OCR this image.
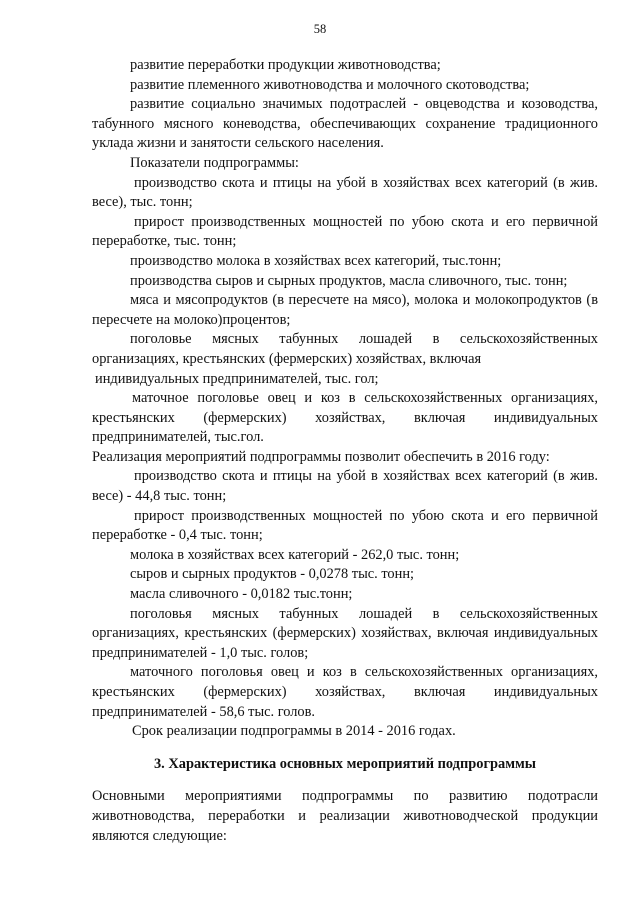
58

развитие переработки продукции животноводства;

развитие племенного животноводства и молочного скотоводства;

развитие социально значимых подотраслей - овцеводства и козоводства, табунного мясного коневодства, обеспечивающих сохранение традиционного уклада жизни и занятости сельского населения.

Показатели подпрограммы:

производство скота и птицы на убой в хозяйствах всех категорий (в жив. весе), тыс. тонн;

прирост производственных мощностей по убою скота и его первичной переработке, тыс. тонн;

производство молока в хозяйствах всех категорий, тыс.тонн;

производства сыров и сырных продуктов, масла сливочного, тыс. тонн;

мяса и мясопродуктов (в пересчете на мясо), молока и молокопродуктов (в пересчете на молоко)процентов;

поголовье мясных табунных лошадей в сельскохозяйственных организациях, крестьянских (фермерских) хозяйствах, включая

индивидуальных предпринимателей, тыс. гол;

маточное поголовье овец и коз в сельскохозяйственных организациях, крестьянских (фермерских) хозяйствах, включая индивидуальных предпринимателей, тыс.гол.

Реализация мероприятий подпрограммы позволит обеспечить в 2016 году:

производство скота и птицы на убой в хозяйствах всех категорий (в жив. весе) - 44,8 тыс. тонн;

прирост производственных мощностей по убою скота и его первичной переработке - 0,4 тыс. тонн;

молока в хозяйствах всех категорий - 262,0 тыс. тонн;

сыров и сырных продуктов - 0,0278 тыс. тонн;

масла сливочного - 0,0182 тыс.тонн;

поголовья мясных табунных лошадей в сельскохозяйственных организациях, крестьянских (фермерских) хозяйствах, включая индивидуальных предпринимателей - 1,0 тыс. голов;

маточного поголовья овец и коз в сельскохозяйственных организациях, крестьянских (фермерских) хозяйствах, включая индивидуальных предпринимателей - 58,6 тыс. голов.

Срок реализации подпрограммы в 2014 - 2016 годах.

3. Характеристика основных мероприятий подпрограммы

Основными мероприятиями подпрограммы по развитию подотрасли животноводства, переработки и реализации животноводческой продукции являются следующие:
